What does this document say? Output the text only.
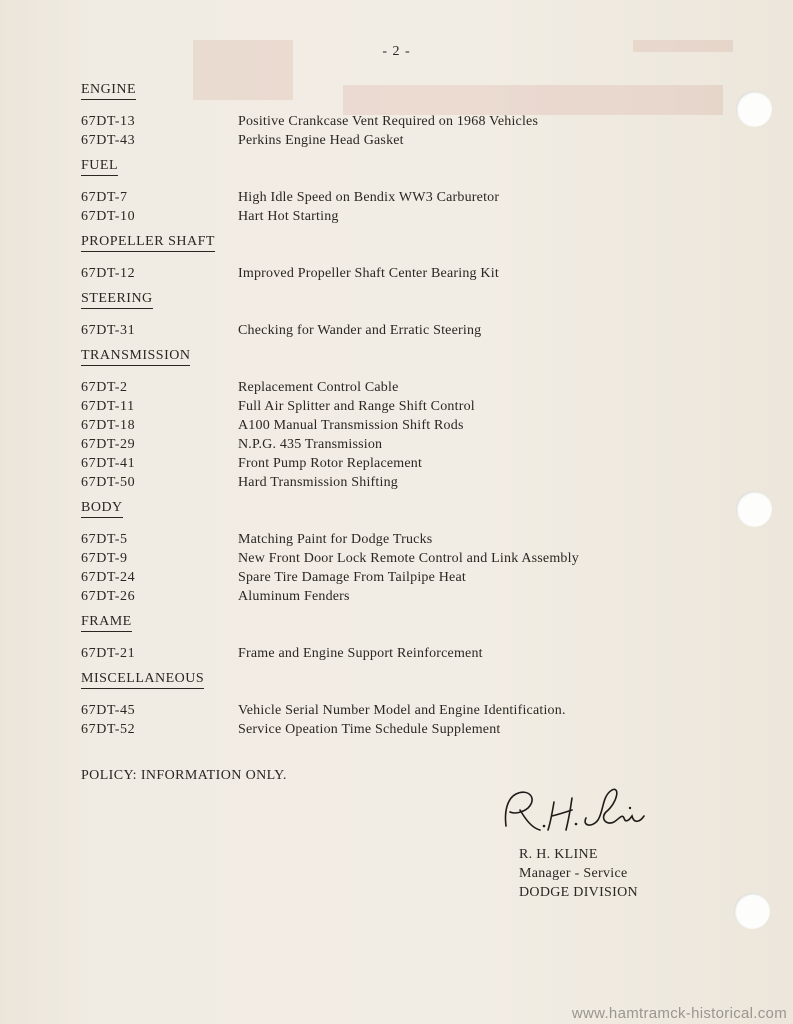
- 2 -
ENGINE
67DT-13	Positive Crankcase Vent Required on 1968 Vehicles
67DT-43	Perkins Engine Head Gasket
FUEL
67DT-7	High Idle Speed on Bendix WW3 Carburetor
67DT-10	Hart Hot Starting
PROPELLER SHAFT
67DT-12	Improved Propeller Shaft Center Bearing Kit
STEERING
67DT-31	Checking for Wander and Erratic Steering
TRANSMISSION
67DT-2	Replacement Control Cable
67DT-11	Full Air Splitter and Range Shift Control
67DT-18	A100 Manual Transmission Shift Rods
67DT-29	N.P.G. 435 Transmission
67DT-41	Front Pump Rotor Replacement
67DT-50	Hard Transmission Shifting
BODY
67DT-5	Matching Paint for Dodge Trucks
67DT-9	New Front Door Lock Remote Control and Link Assembly
67DT-24	Spare Tire Damage From Tailpipe Heat
67DT-26	Aluminum Fenders
FRAME
67DT-21	Frame and Engine Support Reinforcement
MISCELLANEOUS
67DT-45	Vehicle Serial Number Model and Engine Identification.
67DT-52	Service Opeation Time Schedule Supplement
POLICY: INFORMATION ONLY.
R. H. KLINE
Manager - Service
DODGE DIVISION
www.hamtramck-historical.com
